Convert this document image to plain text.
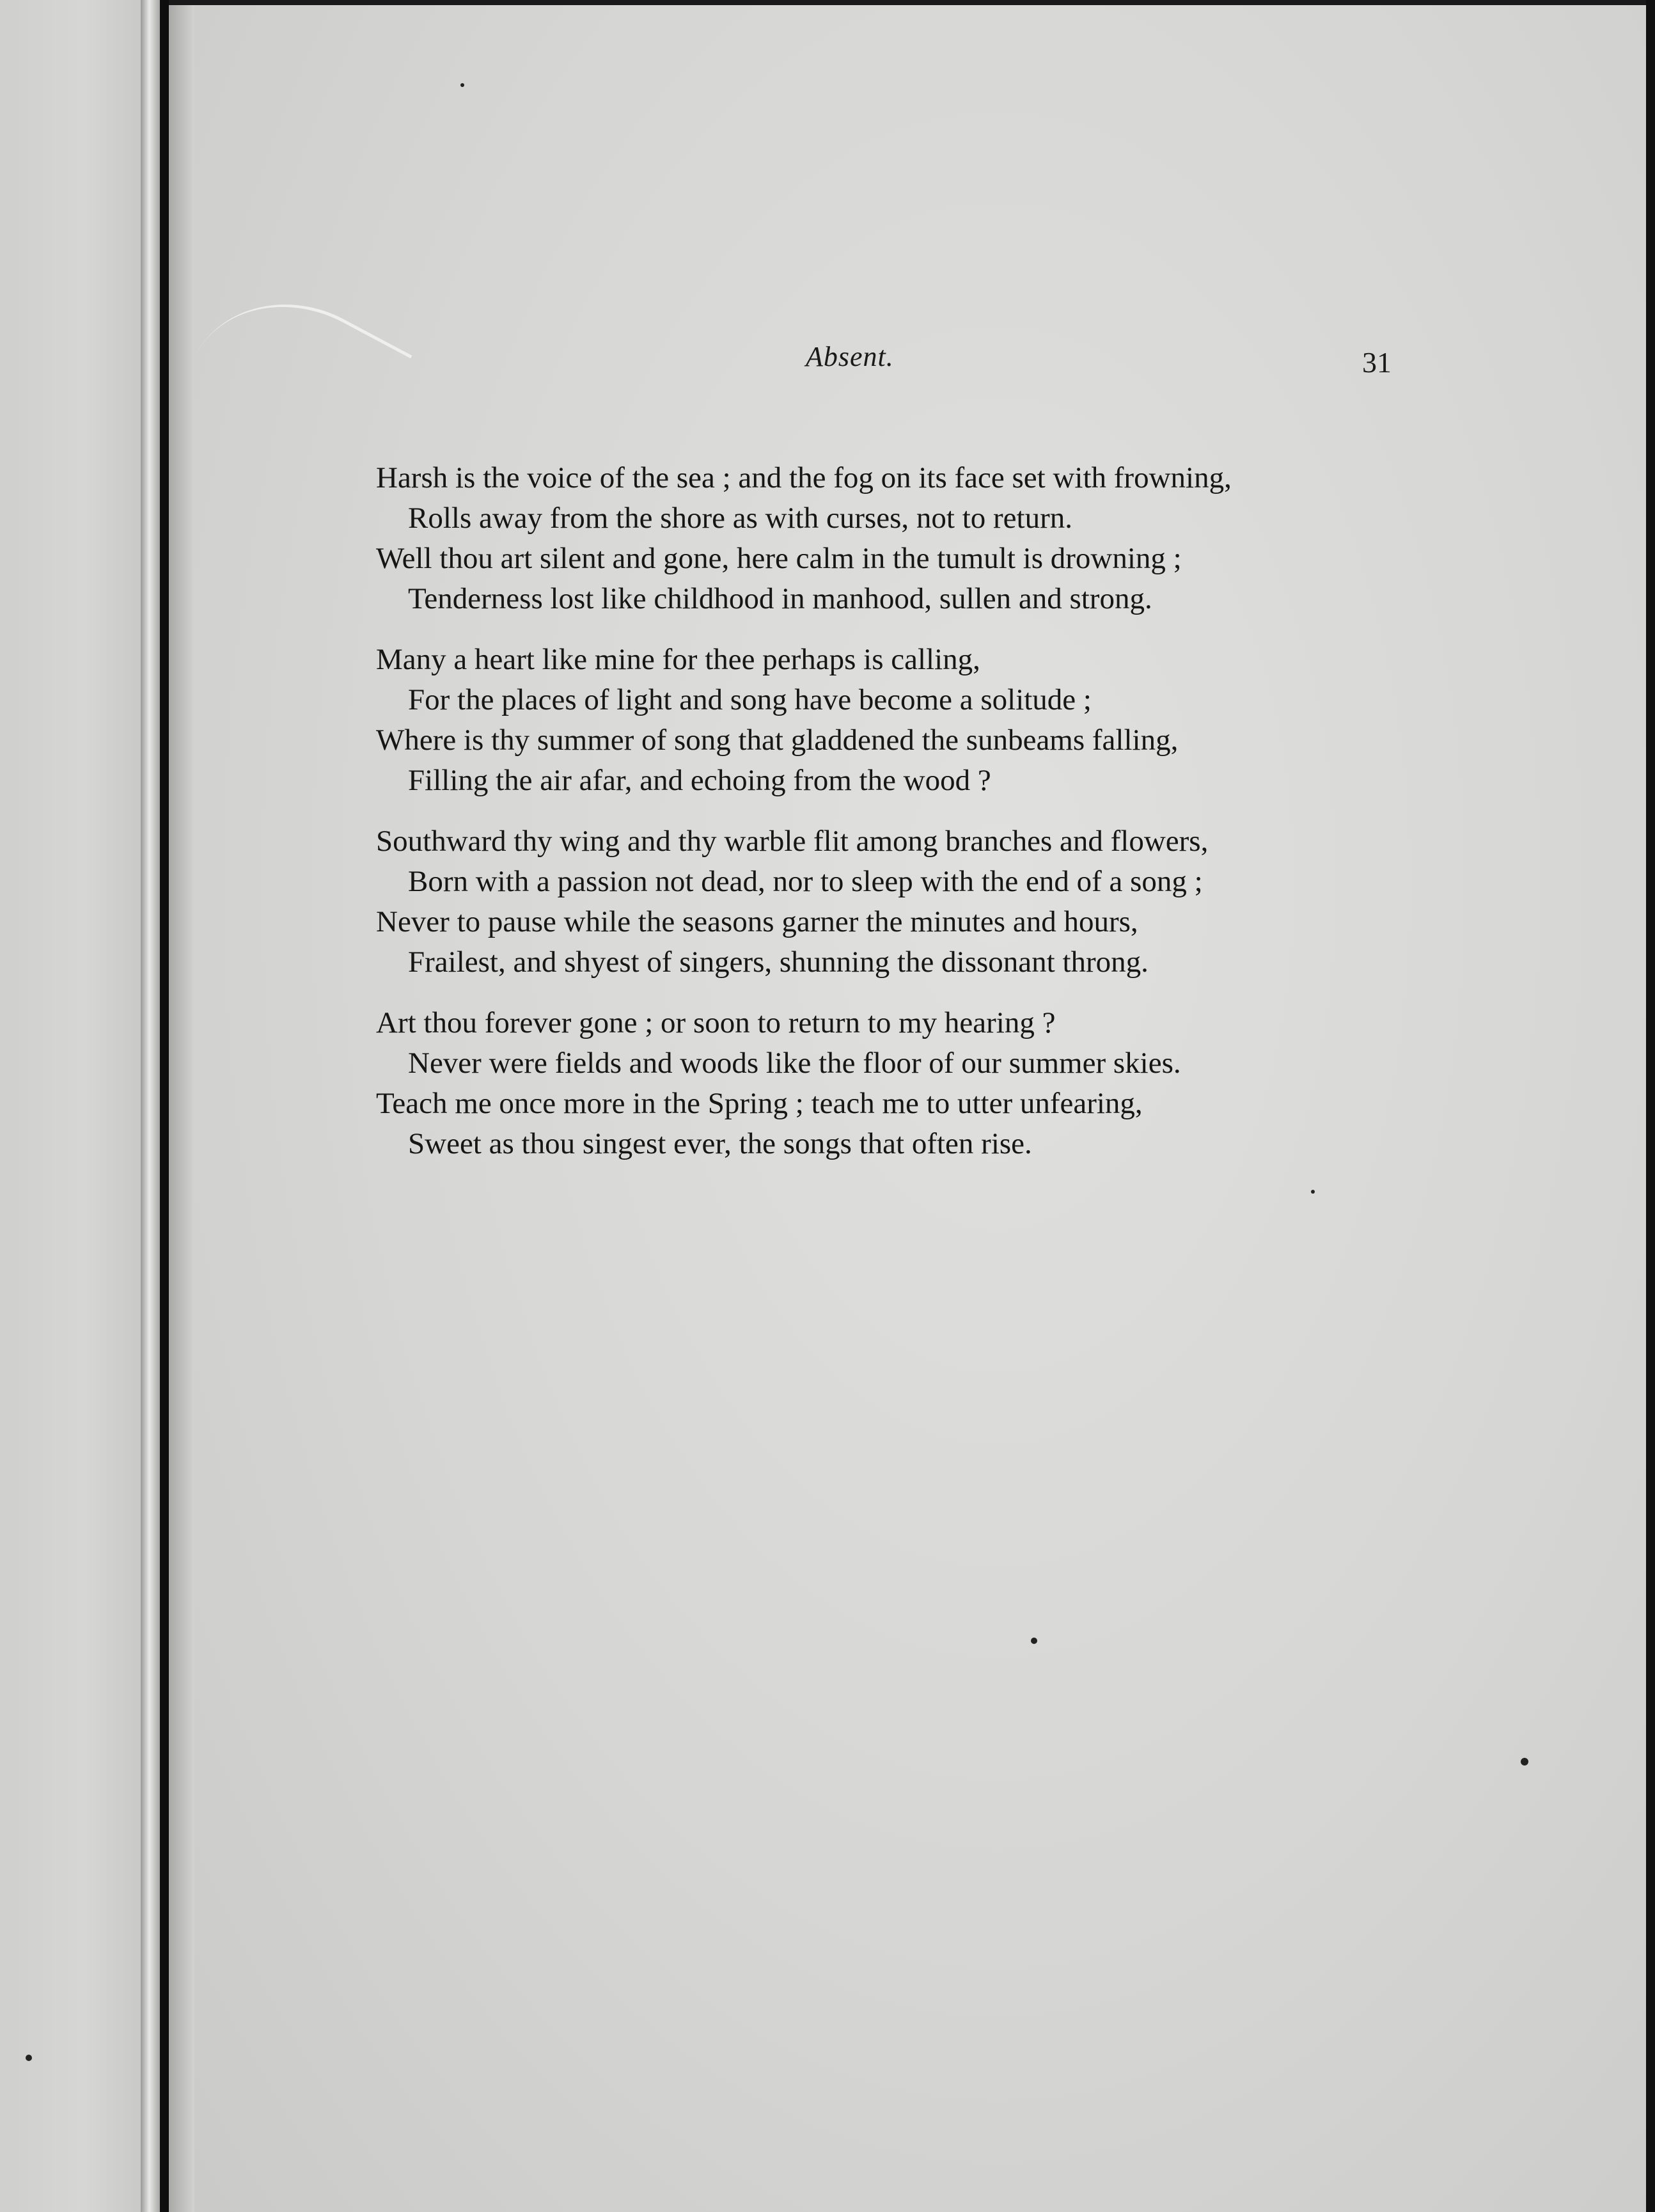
Absent.	31
Harsh is the voice of the sea ; and the fog on its face set with frowning,
Rolls away from the shore as with curses, not to return.
Well thou art silent and gone, here calm in the tumult is drowning ;
Tenderness lost like childhood in manhood, sullen and strong.
Many a heart like mine for thee perhaps is calling,
For the places of light and song have become a solitude ;
Where is thy summer of song that gladdened the sunbeams falling,
Filling the air afar, and echoing from the wood ?
Southward thy wing and thy warble flit among branches and flowers,
Born with a passion not dead, nor to sleep with the end of a song ;
Never to pause while the seasons garner the minutes and hours,
Frailest, and shyest of singers, shunning the dissonant throng.
Art thou forever gone ; or soon to return to my hearing ?
Never were fields and woods like the floor of our summer skies.
Teach me once more in the Spring ; teach me to utter unfearing,
Sweet as thou singest ever, the songs that often rise.
